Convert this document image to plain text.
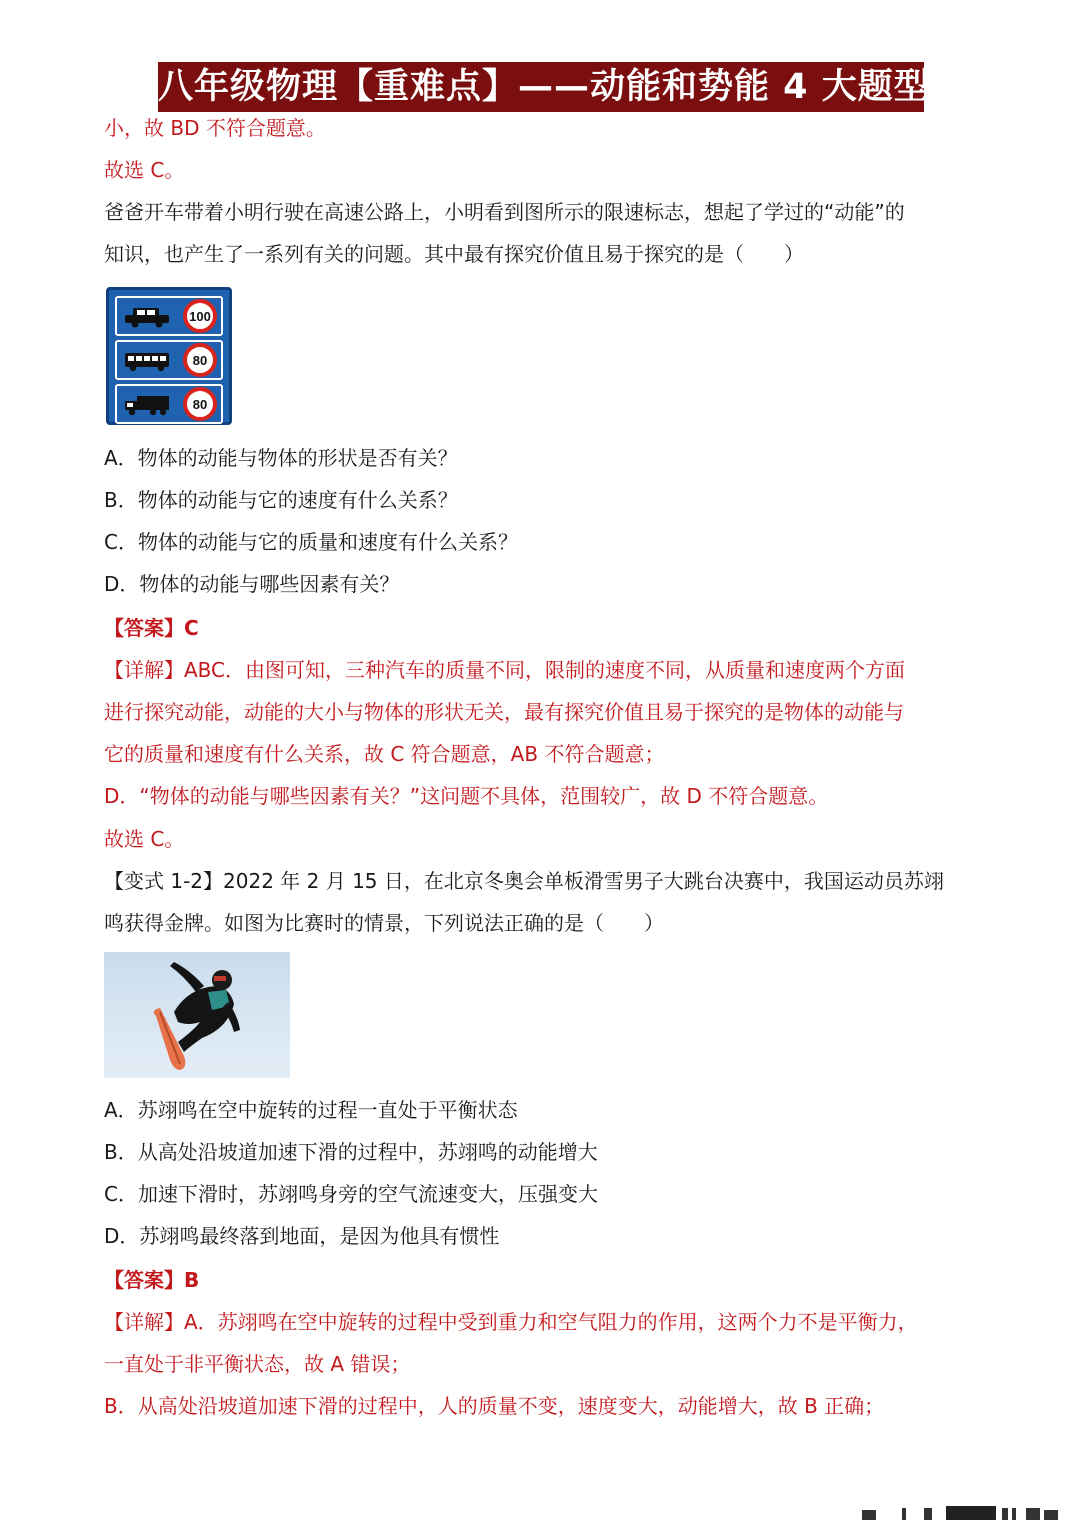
八年级物理【重难点】——动能和势能 4 大题型
小，故 BD 不符合题意。
故选 C。
爸爸开车带着小明行驶在高速公路上，小明看到图所示的限速标志，想起了学过的“动能”的
知识，也产生了一系列有关的问题。其中最有探究价值且易于探究的是（　　）
100
80
80
A．物体的动能与物体的形状是否有关？
B．物体的动能与它的速度有什么关系？
C．物体的动能与它的质量和速度有什么关系？
D．物体的动能与哪些因素有关？
【答案】C
【详解】ABC．由图可知，三种汽车的质量不同，限制的速度不同，从质量和速度两个方面
进行探究动能，动能的大小与物体的形状无关，最有探究价值且易于探究的是物体的动能与
它的质量和速度有什么关系，故 C 符合题意，AB 不符合题意；
D．“物体的动能与哪些因素有关？”这问题不具体，范围较广，故 D 不符合题意。
故选 C。
【变式 1-2】2022 年 2 月 15 日，在北京冬奥会单板滑雪男子大跳台决赛中，我国运动员苏翊
鸣获得金牌。如图为比赛时的情景，下列说法正确的是（　　）
A．苏翊鸣在空中旋转的过程一直处于平衡状态
B．从高处沿坡道加速下滑的过程中，苏翊鸣的动能增大
C．加速下滑时，苏翊鸣身旁的空气流速变大，压强变大
D．苏翊鸣最终落到地面，是因为他具有惯性
【答案】B
【详解】A．苏翊鸣在空中旋转的过程中受到重力和空气阻力的作用，这两个力不是平衡力，
一直处于非平衡状态，故 A 错误；
B．从高处沿坡道加速下滑的过程中，人的质量不变，速度变大，动能增大，故 B 正确；
